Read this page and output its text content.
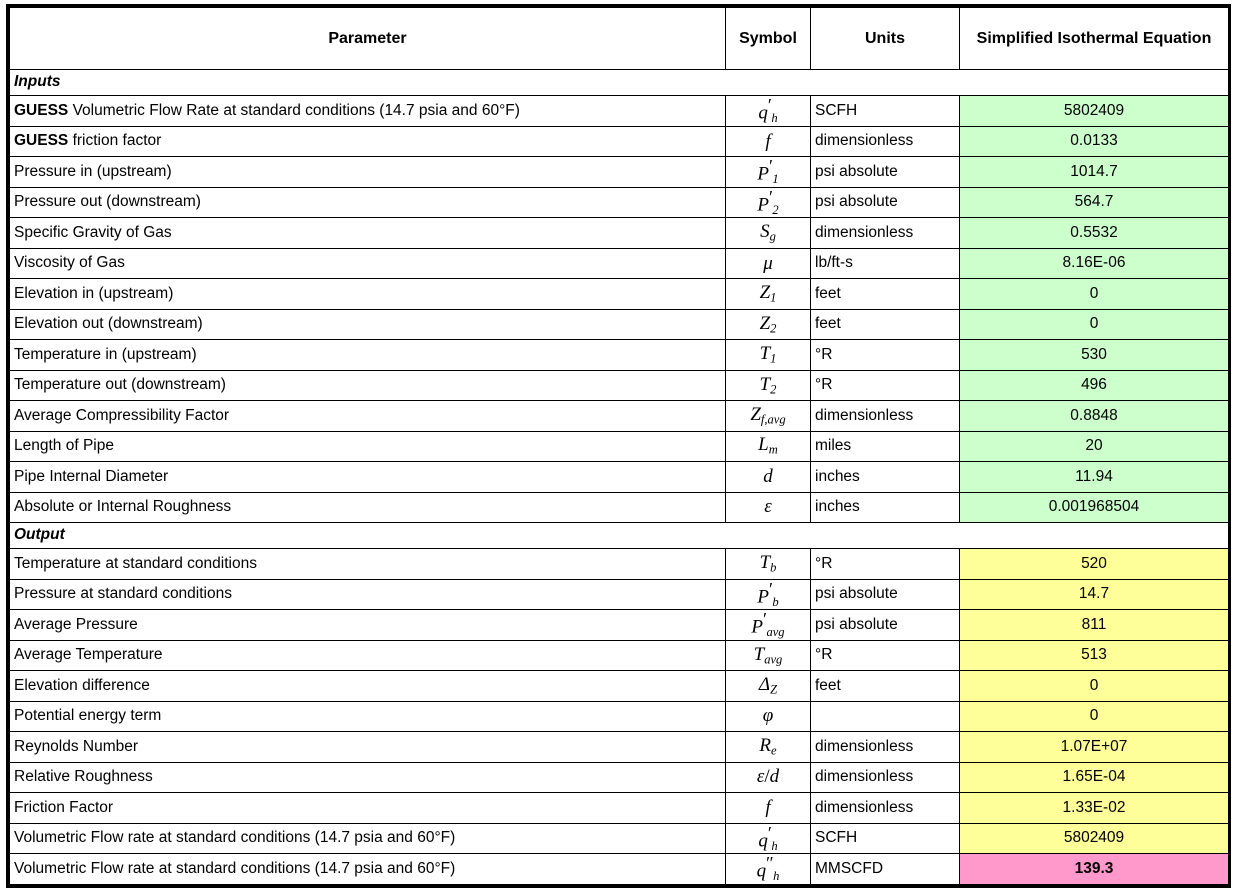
Parameter	Symbol	Units	Simplified Isothermal Equation
Inputs			
GUESS Volumetric Flow Rate at standard conditions (14.7 psia and 60°F)	$q'_h$	SCFH	5802409
GUESS friction factor	f	dimensionless	0.0133
Pressure in (upstream)	$P'_1$	psi absolute	1014.7
Pressure out (downstream)	$P'_2$	psi absolute	564.7
Specific Gravity of Gas	$S_g$	dimensionless	0.5532
Viscosity of Gas	μ	lb/ft-s	8.16E-06
Elevation in (upstream)	$Z_1$	feet	0
Elevation out (downstream)	$Z_2$	feet	0
Temperature in (upstream)	$T_1$	°R	530
Temperature out (downstream)	$T_2$	°R	496
Average Compressibility Factor	$Z_{f,avg}$	dimensionless	0.8848
Length of Pipe	$L_m$	miles	20
Pipe Internal Diameter	d	inches	11.94
Absolute or Internal Roughness	ε	inches	0.001968504
Output			
Temperature at standard conditions	$T_b$	°R	520
Pressure at standard conditions	$P'_b$	psi absolute	14.7
Average Pressure	$P'_{avg}$	psi absolute	811
Average Temperature	$T_{avg}$	°R	513
Elevation difference	$\Delta_Z$	feet	0
Potential energy term	φ		0
Reynolds Number	$R_e$	dimensionless	1.07E+07
Relative Roughness	ε/d	dimensionless	1.65E-04
Friction Factor	f	dimensionless	1.33E-02
Volumetric Flow rate at standard conditions (14.7 psia and 60°F)	$q'_h$	SCFH	5802409
Volumetric Flow rate at standard conditions (14.7 psia and 60°F)	$q''_h$	MMSCFD	139.3
